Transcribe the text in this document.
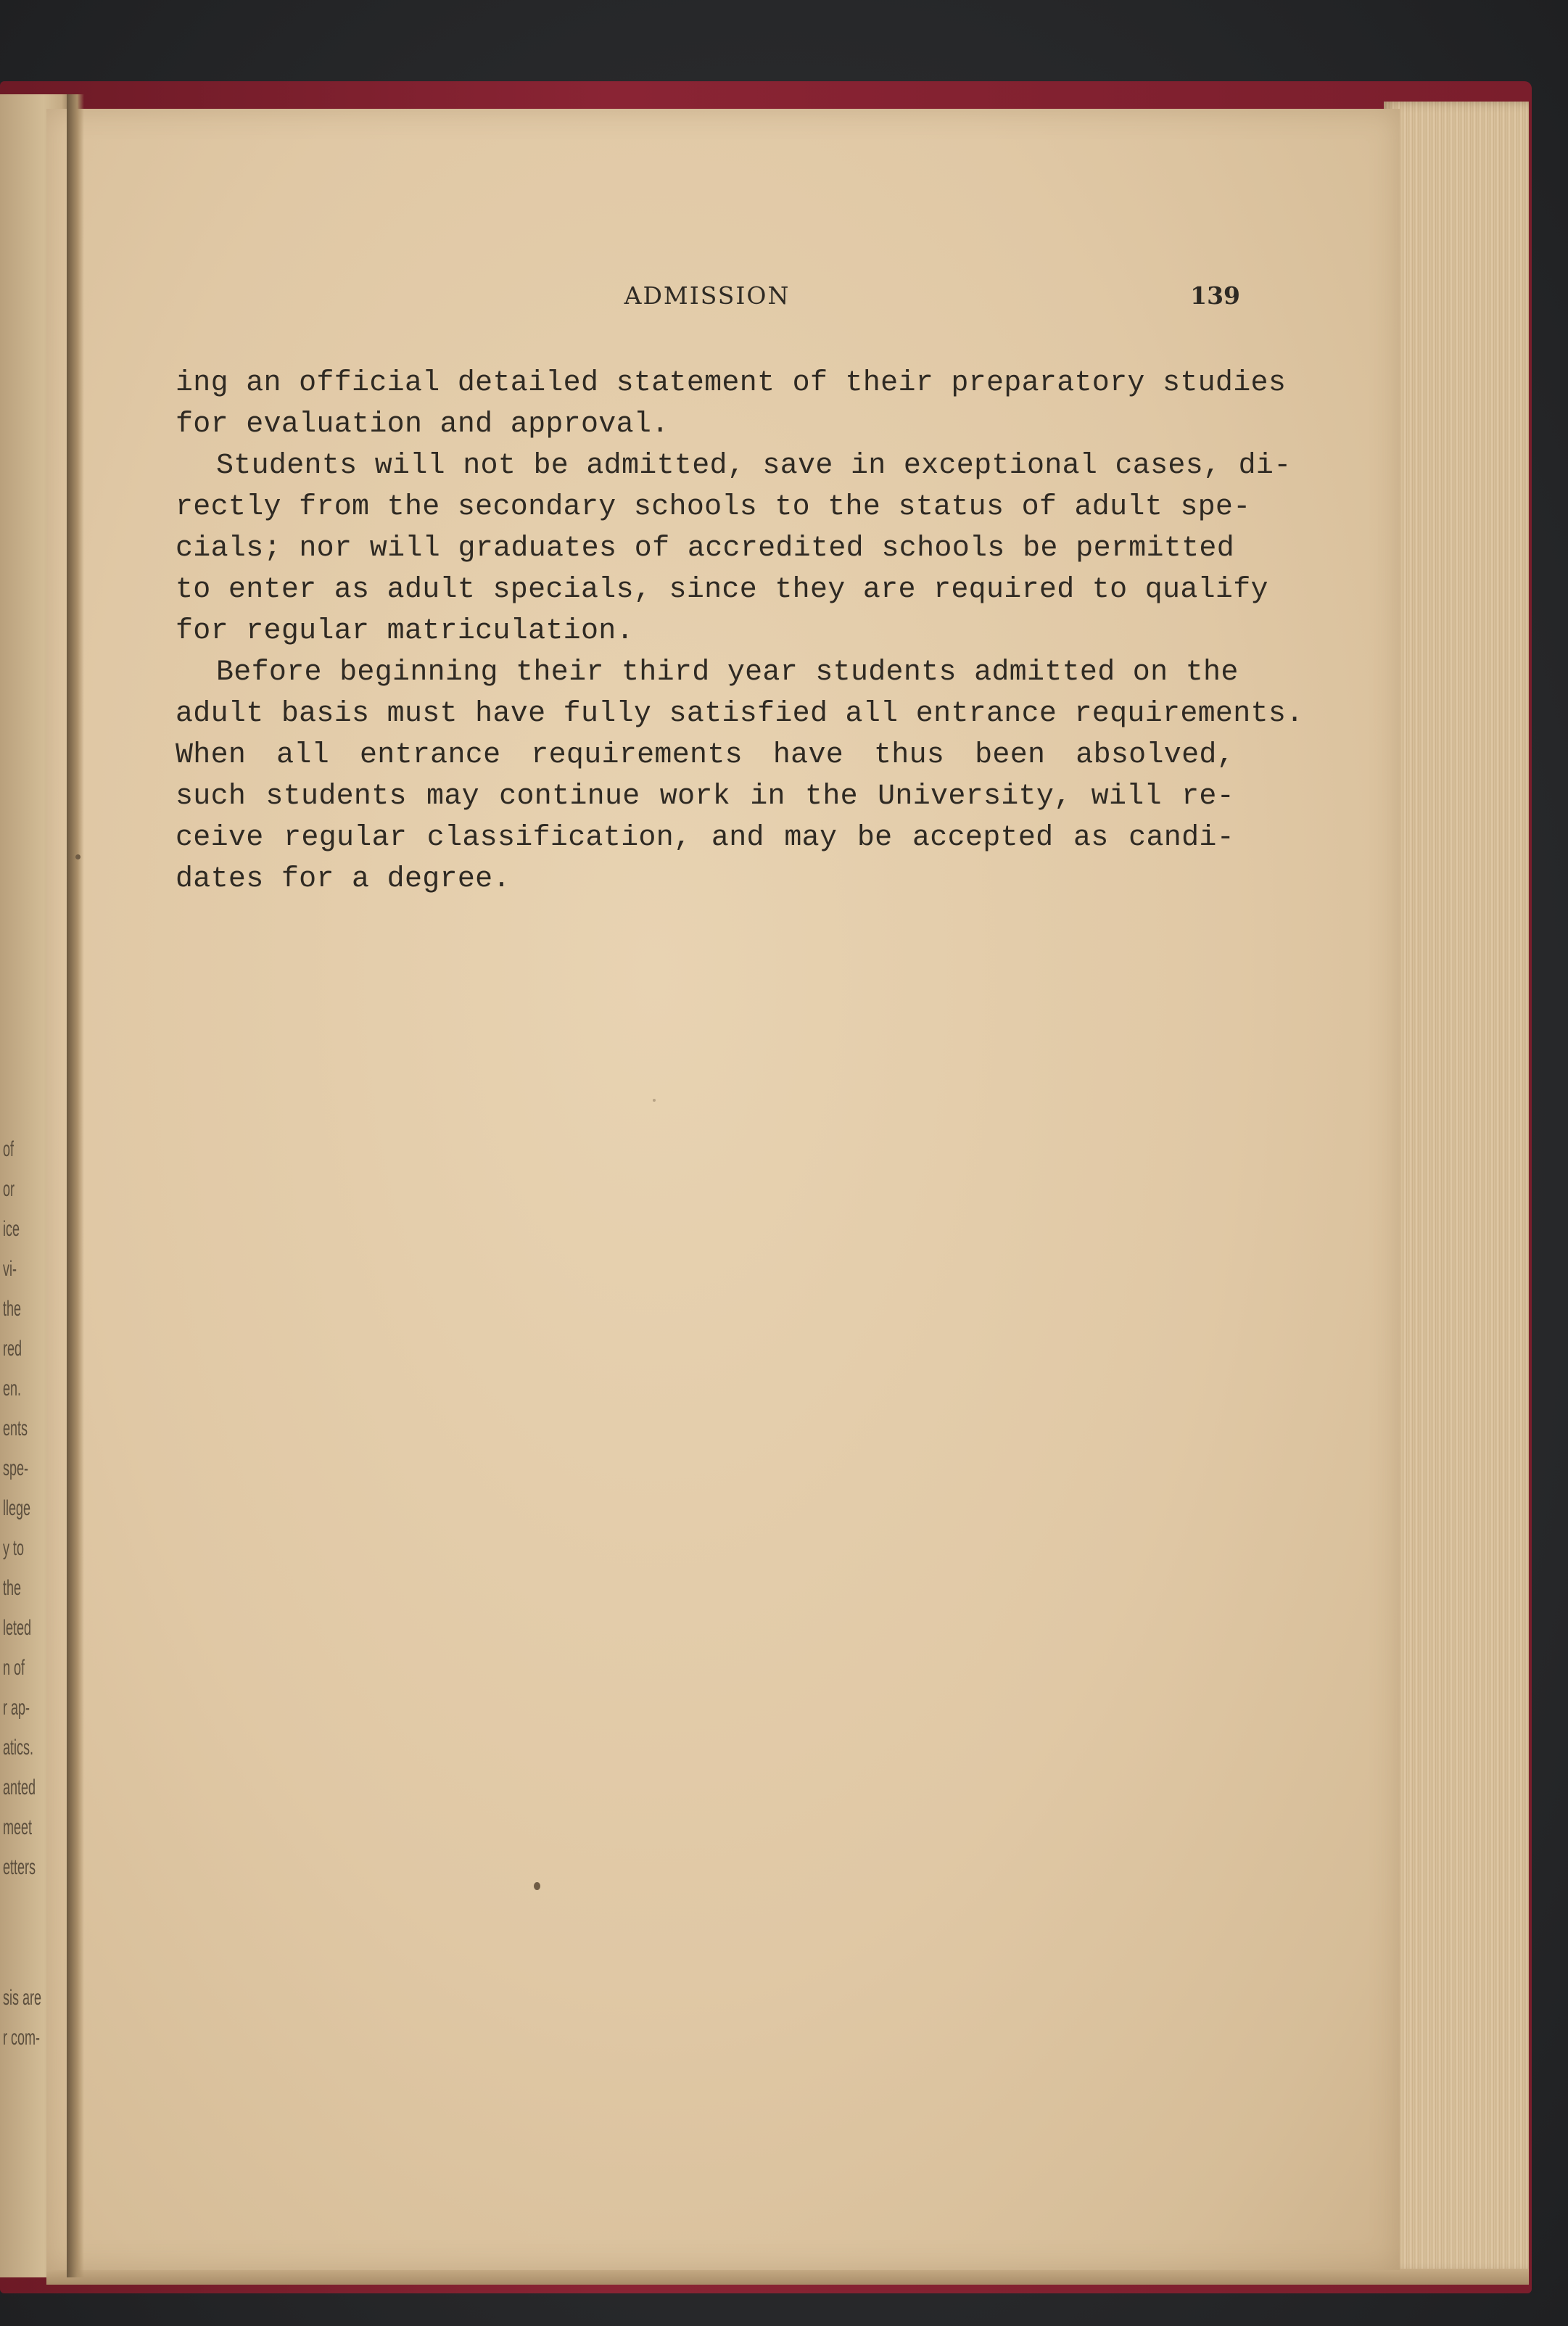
of
or
ice
vi-
the
red
en.
ents
spe-
llege
y to
the
leted
n of
r ap-
atics.
anted
meet
etters
sis are
r com-
ADMISSION	139
ing an official detailed statement of their preparatory studies
for evaluation and approval.
Students will not be admitted, save in exceptional cases, di-
rectly from the secondary schools to the status of adult spe-
cials; nor will graduates of accredited schools be permitted
to enter as adult specials, since they are required to qualify
for regular matriculation.
Before beginning their third year students admitted on the
adult basis must have fully satisfied all entrance requirements.
When all entrance requirements have thus been absolved,
such students may continue work in the University, will re-
ceive regular classification, and may be accepted as candi-
dates for a degree.
